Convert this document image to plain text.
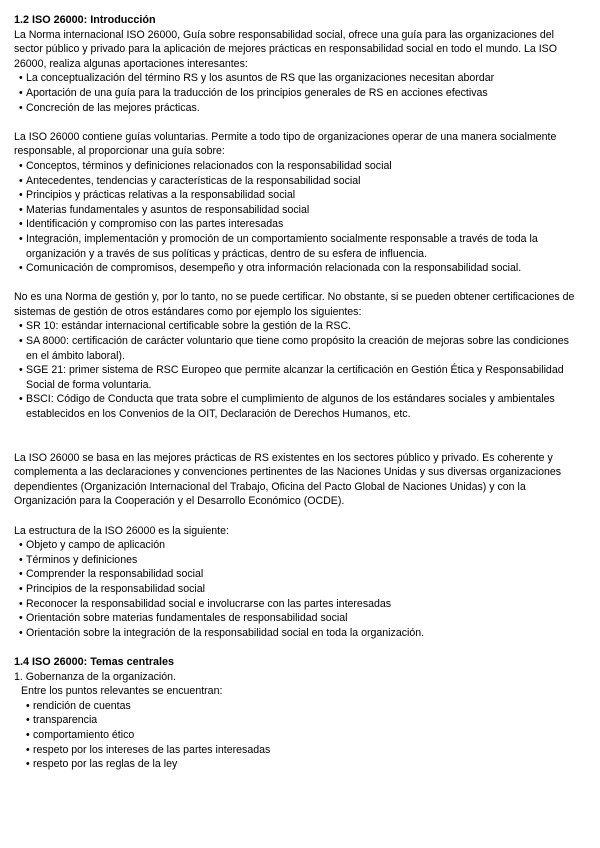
1.2 ISO 26000: Introducción

La Norma internacional ISO 26000, Guía sobre responsabilidad social, ofrece una guía para las organizaciones del sector público y privado para la aplicación de mejores prácticas en responsabilidad social en todo el mundo. La ISO 26000, realiza algunas aportaciones interesantes:

• La conceptualización del término RS y los asuntos de RS que las organizaciones necesitan abordar
• Aportación de una guía para la traducción de los principios generales de RS en acciones efectivas
• Concreción de las mejores prácticas.

La ISO 26000 contiene guías voluntarias. Permite a todo tipo de organizaciones operar de una manera socialmente responsable, al proporcionar una guía sobre:

• Conceptos, términos y definiciones relacionados con la responsabilidad social
• Antecedentes, tendencias y características de la responsabilidad social
• Principios y prácticas relativas a la responsabilidad social
• Materias fundamentales y asuntos de responsabilidad social
• Identificación y compromiso con las partes interesadas
• Integración, implementación y promoción de un comportamiento socialmente responsable a través de toda la organización y a través de sus políticas y prácticas, dentro de su esfera de influencia.
• Comunicación de compromisos, desempeño y otra información relacionada con la responsabilidad social.

No es una Norma de gestión y, por lo tanto, no se puede certificar. No obstante, si se pueden obtener certificaciones de sistemas de gestión de otros estándares como por ejemplo los siguientes:

• SR 10: estándar internacional certificable sobre la gestión de la RSC.
• SA 8000: certificación de carácter voluntario que tiene como propósito la creación de mejoras sobre las condiciones en el ámbito laboral).
• SGE 21: primer sistema de RSC Europeo que permite alcanzar la certificación en Gestión Ética y Responsabilidad Social de forma voluntaria.
• BSCI: Código de Conducta que trata sobre el cumplimiento de algunos de los estándares sociales y ambientales establecidos en los Convenios de la OIT, Declaración de Derechos Humanos, etc.

La ISO 26000 se basa en las mejores prácticas de RS existentes en los sectores público y privado. Es coherente y complementa a las declaraciones y convenciones pertinentes de las Naciones Unidas y sus diversas organizaciones dependientes (Organización Internacional del Trabajo, Oficina del Pacto Global de Naciones Unidas) y con la Organización para la Cooperación y el Desarrollo Económico (OCDE).

La estructura de la ISO 26000 es la siguiente:

• Objeto y campo de aplicación
• Términos y definiciones
• Comprender la responsabilidad social
• Principios de la responsabilidad social
• Reconocer la responsabilidad social e involucrarse con las partes interesadas
• Orientación sobre materias fundamentales de responsabilidad social
• Orientación sobre la integración de la responsabilidad social en toda la organización.
1.4 ISO 26000: Temas centrales

1. Gobernanza de la organización.

Entre los puntos relevantes se encuentran:

• rendición de cuentas
• transparencia
• comportamiento ético
• respeto por los intereses de las partes interesadas
• respeto por las reglas de la ley
